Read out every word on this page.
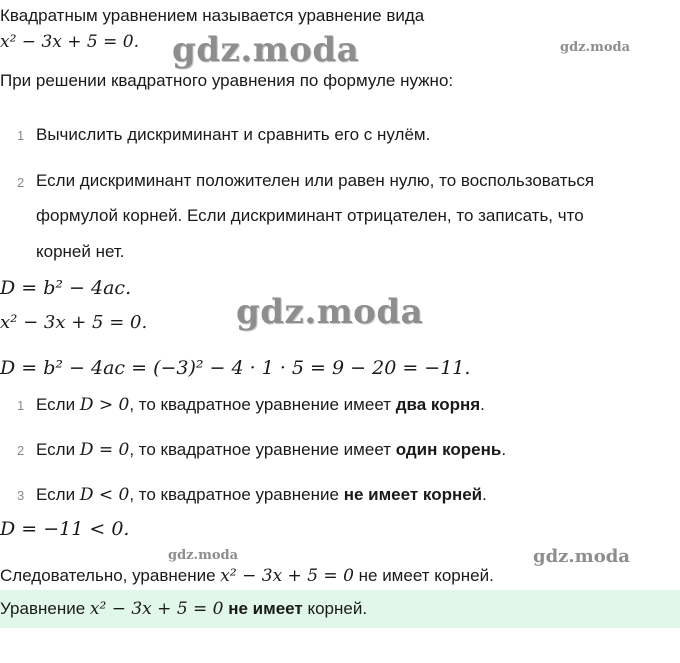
Квадратным уравнением называется уравнение вида
x² − 3x + 5 = 0.
При решении квадратного уравнения по формуле нужно:
1 Вычислить дискриминант и сравнить его с нулём.
2 Если дискриминант положителен или равен нулю, то воспользоваться
формулой корней. Если дискриминант отрицателен, то записать, что
корней нет.
D = b² − 4ac.
x² − 3x + 5 = 0.
D = b² − 4ac = (−3)² − 4 · 1 · 5 = 9 − 20 = −11.
1 Если D > 0, то квадратное уравнение имеет два корня.
2 Если D = 0, то квадратное уравнение имеет один корень.
3 Если D < 0, то квадратное уравнение не имеет корней.
D = −11 < 0.
Следовательно, уравнение x² − 3x + 5 = 0 не имеет корней.
Уравнение x² − 3x + 5 = 0 не имеет корней.
gdz.moda	gdz.moda
gdz.moda
gdz.moda	gdz.moda
